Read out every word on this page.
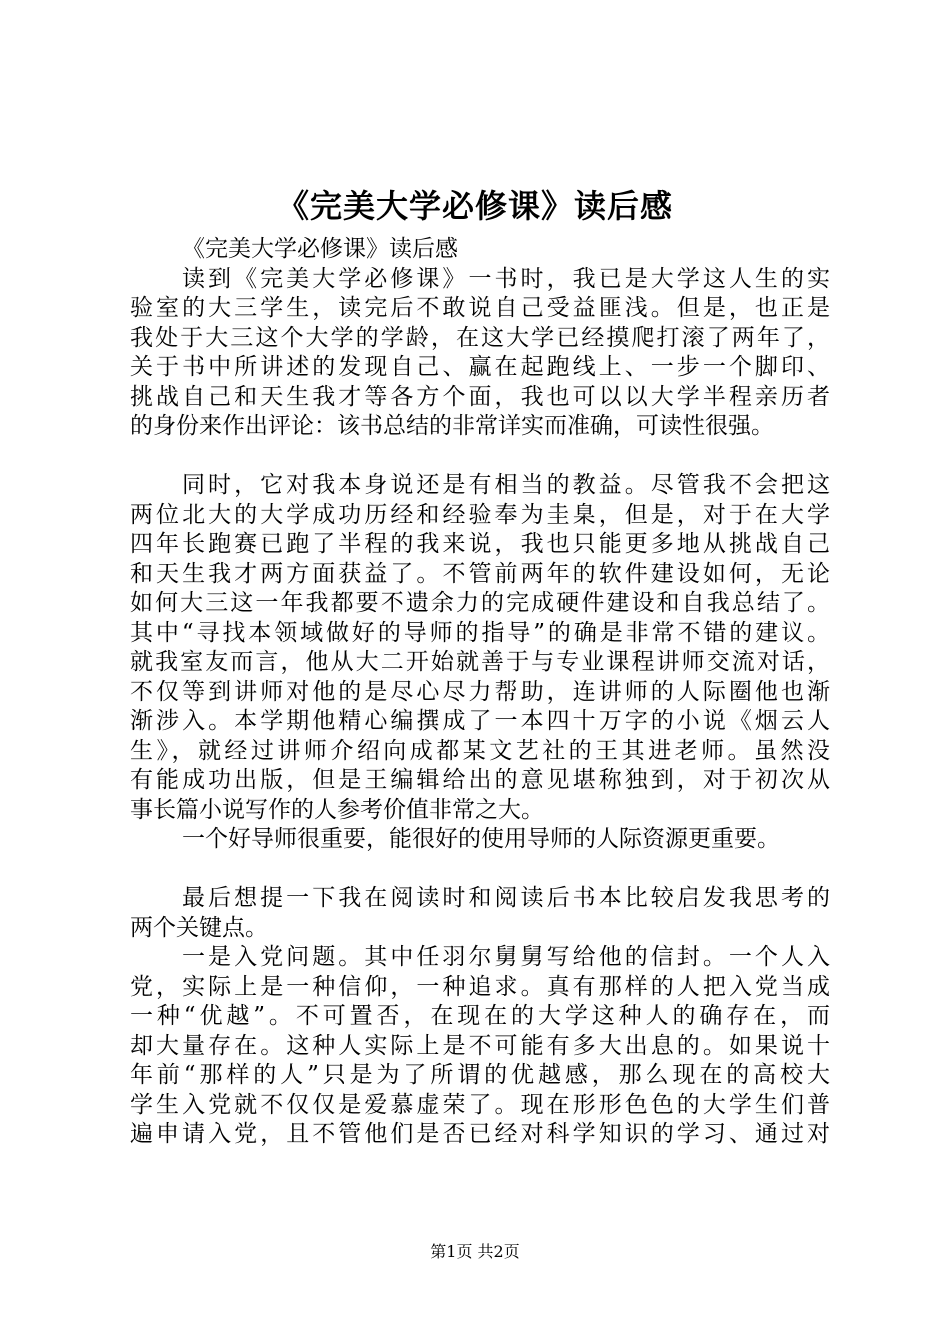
《完美大学必修课》读后感
《完美大学必修课》读后感
读到《完美大学必修课》一书时，我已是大学这人生的实
验室的大三学生，读完后不敢说自己受益匪浅。但是，也正是
我处于大三这个大学的学龄，在这大学已经摸爬打滚了两年了，
关于书中所讲述的发现自己、赢在起跑线上、一步一个脚印、
挑战自己和天生我才等各方个面，我也可以以大学半程亲历者
的身份来作出评论：该书总结的非常详实而准确，可读性很强。
同时，它对我本身说还是有相当的教益。尽管我不会把这
两位北大的大学成功历经和经验奉为圭臬，但是，对于在大学
四年长跑赛已跑了半程的我来说，我也只能更多地从挑战自己
和天生我才两方面获益了。不管前两年的软件建设如何，无论
如何大三这一年我都要不遗余力的完成硬件建设和自我总结了。
其中“寻找本领域做好的导师的指导”的确是非常不错的建议。
就我室友而言，他从大二开始就善于与专业课程讲师交流对话，
不仅等到讲师对他的是尽心尽力帮助，连讲师的人际圈他也渐
渐涉入。本学期他精心编撰成了一本四十万字的小说《烟云人
生》，就经过讲师介绍向成都某文艺社的王其进老师。虽然没
有能成功出版，但是王编辑给出的意见堪称独到，对于初次从
事长篇小说写作的人参考价值非常之大。
一个好导师很重要，能很好的使用导师的人际资源更重要。
最后想提一下我在阅读时和阅读后书本比较启发我思考的
两个关键点。
一是入党问题。其中任羽尔舅舅写给他的信封。一个人入
党，实际上是一种信仰，一种追求。真有那样的人把入党当成
一种“优越”。不可置否，在现在的大学这种人的确存在，而
却大量存在。这种人实际上是不可能有多大出息的。如果说十
年前“那样的人”只是为了所谓的优越感，那么现在的高校大
学生入党就不仅仅是爱慕虚荣了。现在形形色色的大学生们普
遍申请入党，且不管他们是否已经对科学知识的学习、通过对
第1页 共2页
